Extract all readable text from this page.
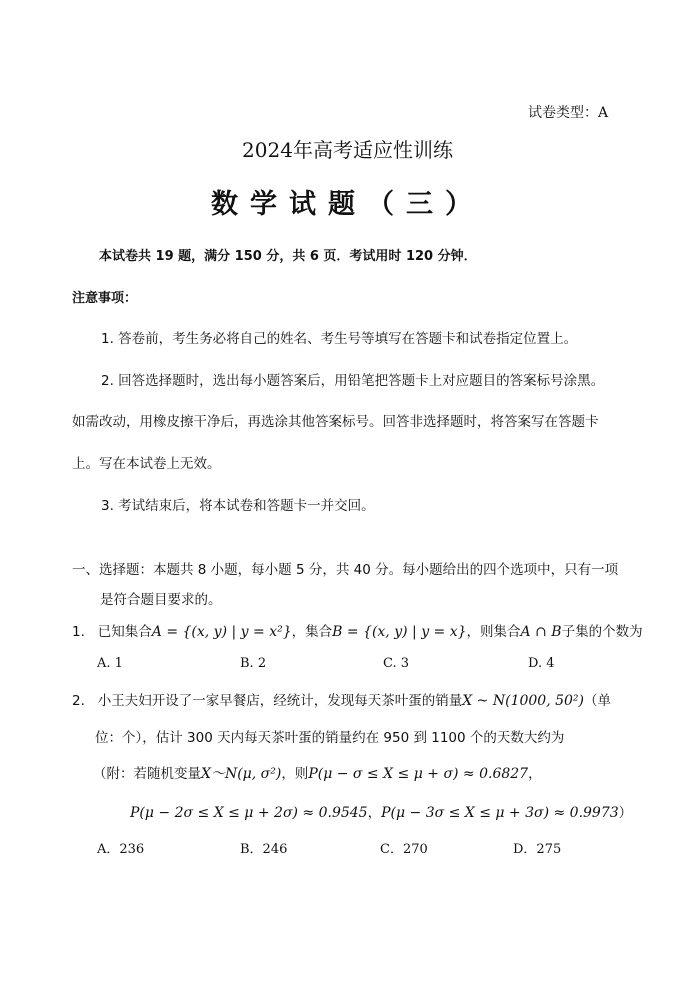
试卷类型：A
2024年高考适应性训练
数学试题（三）
本试卷共 19 题，满分 150 分，共 6 页．考试用时 120 分钟．
注意事项：
1. 答卷前，考生务必将自己的姓名、考生号等填写在答题卡和试卷指定位置上。
2. 回答选择题时，选出每小题答案后，用铅笔把答题卡上对应题目的答案标号涂黑。
如需改动，用橡皮擦干净后，再选涂其他答案标号。回答非选择题时，将答案写在答题卡
上。写在本试卷上无效。
3. 考试结束后，将本试卷和答题卡一并交回。
一、选择题：本题共 8 小题，每小题 5 分，共 40 分。每小题给出的四个选项中，只有一项
是符合题目要求的。
1. 已知集合A = {(x, y) | y = x²}，集合B = {(x, y) | y = x}，则集合A ∩ B子集的个数为
A. 1	B. 2	C. 3	D. 4
2. 小王夫妇开设了一家早餐店，经统计，发现每天茶叶蛋的销量X ~ N(1000, 50²)（单
位：个），估计 300 天内每天茶叶蛋的销量约在 950 到 1100 个的天数大约为
（附：若随机变量X～N(μ, σ²)，则P(μ − σ ≤ X ≤ μ + σ) ≈ 0.6827，
P(μ − 2σ ≤ X ≤ μ + 2σ) ≈ 0.9545，P(μ − 3σ ≤ X ≤ μ + 3σ) ≈ 0.9973）
A．236	B．246	C．270	D．275
